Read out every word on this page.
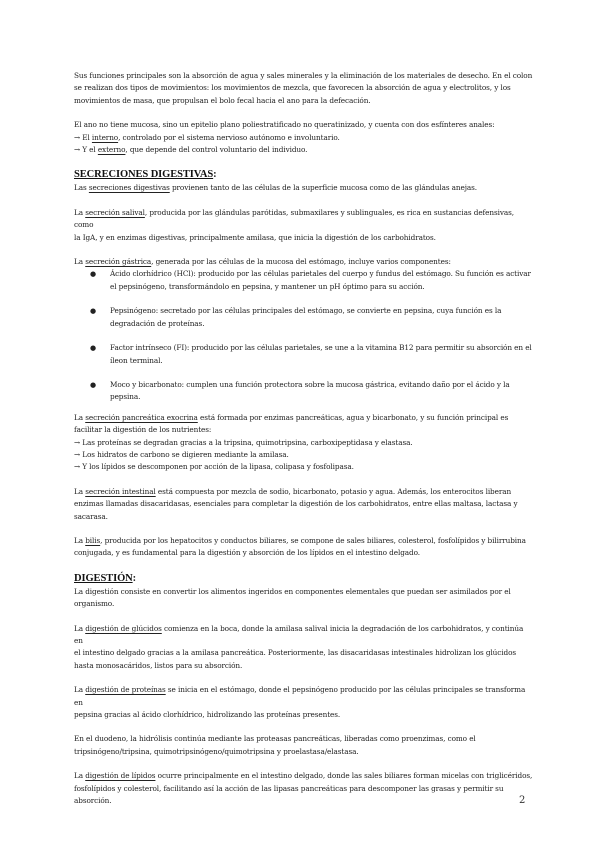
Sus funciones principales son la absorción de agua y sales minerales y la eliminación de los materiales de desecho. En el colon
se realizan dos tipos de movimientos: los movimientos de mezcla, que favorecen la absorción de agua y electrolitos, y los
movimientos de masa, que propulsan el bolo fecal hacia el ano para la defecación.

El ano no tiene mucosa, sino un epitelio plano poliestratificado no queratinizado, y cuenta con dos esfínteres anales:

→ El interno, controlado por el sistema nervioso autónomo e involuntario.

→ Y el externo, que depende del control voluntario del individuo.

SECRECIONES DIGESTIVAS:

Las secreciones digestivas provienen tanto de las células de la superficie mucosa como de las glándulas anejas.

La secreción salival, producida por las glándulas parótidas, submaxilares y sublinguales, es rica en sustancias defensivas, como
la IgA, y en enzimas digestivas, principalmente amilasa, que inicia la digestión de los carbohidratos.

La secreción gástrica, generada por las células de la mucosa del estómago, incluye varios componentes:

● Ácido clorhídrico (HCl): producido por las células parietales del cuerpo y fundus del estómago. Su función es activar
el pepsinógeno, transformándolo en pepsina, y mantener un pH óptimo para su acción.
● Pepsinógeno: secretado por las células principales del estómago, se convierte en pepsina, cuya función es la
degradación de proteínas.
● Factor intrínseco (FI): producido por las células parietales, se une a la vitamina B12 para permitir su absorción en el
íleon terminal.
● Moco y bicarbonato: cumplen una función protectora sobre la mucosa gástrica, evitando daño por el ácido y la
pepsina.

La secreción pancreática exocrina está formada por enzimas pancreáticas, agua y bicarbonato, y su función principal es
facilitar la digestión de los nutrientes:

→ Las proteínas se degradan gracias a la tripsina, quimotripsina, carboxipeptidasa y elastasa.

→ Los hidratos de carbono se digieren mediante la amilasa.

→ Y los lípidos se descomponen por acción de la lipasa, colipasa y fosfolipasa.

La secreción intestinal está compuesta por mezcla de sodio, bicarbonato, potasio y agua. Además, los enterocitos liberan
enzimas llamadas disacaridasas, esenciales para completar la digestión de los carbohidratos, entre ellas maltasa, lactasa y
sacarasa.

La bilis, producida por los hepatocitos y conductos biliares, se compone de sales biliares, colesterol, fosfolípidos y bilirrubina
conjugada, y es fundamental para la digestión y absorción de los lípidos en el intestino delgado.

DIGESTIÓN:

La digestión consiste en convertir los alimentos ingeridos en componentes elementales que puedan ser asimilados por el
organismo.

La digestión de glúcidos comienza en la boca, donde la amilasa salival inicia la degradación de los carbohidratos, y continúa en
el intestino delgado gracias a la amilasa pancreática. Posteriormente, las disacaridasas intestinales hidrolizan los glúcidos
hasta monosacáridos, listos para su absorción.

La digestión de proteínas se inicia en el estómago, donde el pepsinógeno producido por las células principales se transforma en
pepsina gracias al ácido clorhídrico, hidrolizando las proteínas presentes.

En el duodeno, la hidrólisis continúa mediante las proteasas pancreáticas, liberadas como proenzimas, como el
tripsinógeno/tripsina, quimotripsinógeno/quimotripsina y proelastasa/elastasa.

La digestión de lípidos ocurre principalmente en el intestino delgado, donde las sales biliares forman micelas con triglicéridos,
fosfolípidos y colesterol, facilitando así la acción de las lipasas pancreáticas para descomponer las grasas y permitir su
absorción.	2
